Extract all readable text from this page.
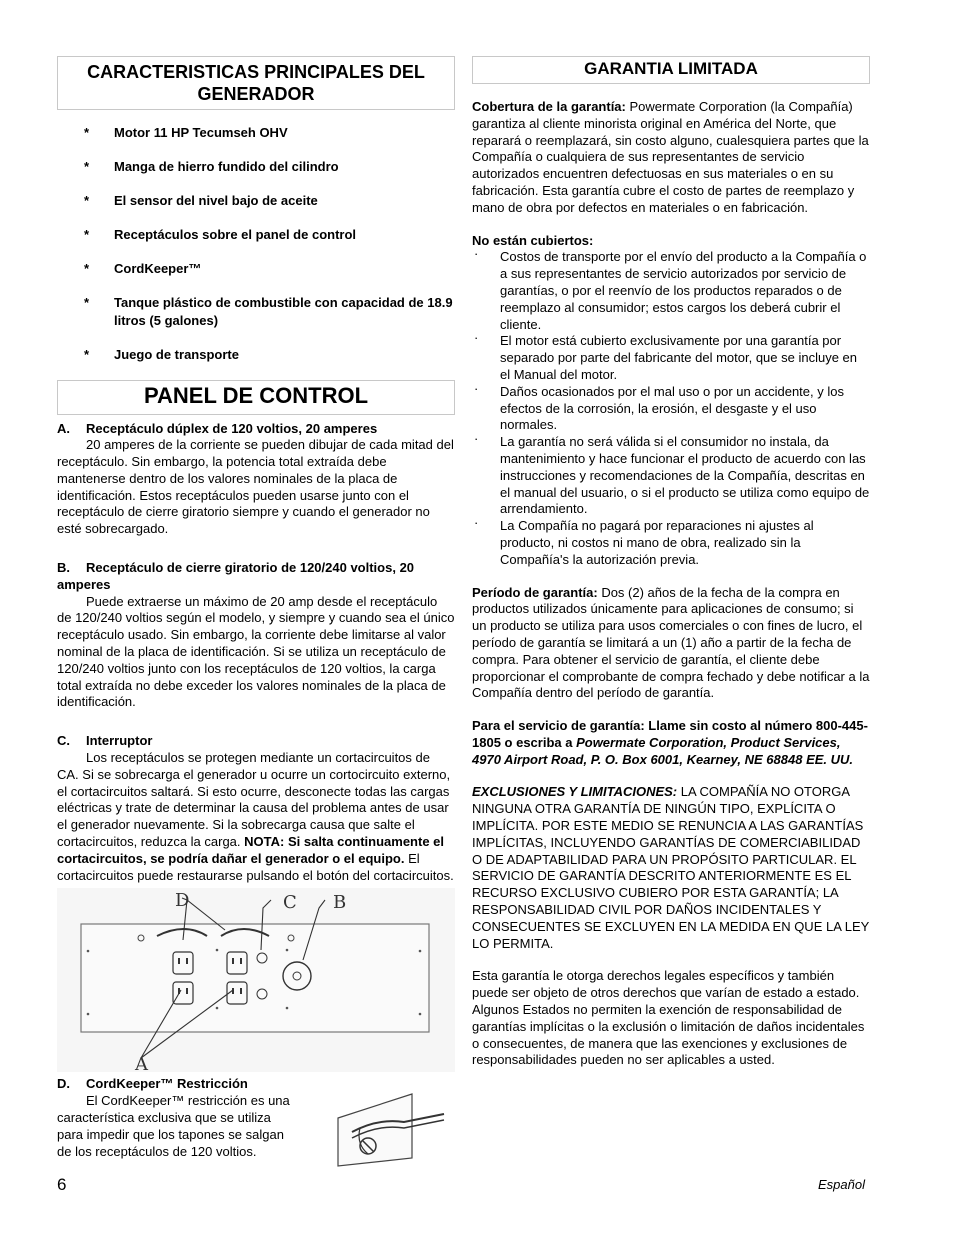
CARACTERISTICAS PRINCIPALES DEL GENERADOR
* Motor 11 HP Tecumseh OHV
* Manga de hierro fundido del cilindro
* El sensor del nivel bajo de aceite
* Receptáculos sobre el panel de control
* CordKeeper™
* Tanque plástico de combustible con capacidad de 18.9 litros (5 galones)
* Juego de transporte
PANEL DE CONTROL
A. Receptáculo dúplex de 120 voltios, 20 amperes

20 amperes de la corriente se pueden dibujar de cada mitad del receptáculo. Sin embargo, la potencia total extraída debe mantenerse dentro de los valores nominales de la placa de identificación. Estos receptáculos pueden usarse junto con el receptáculo de cierre giratorio siempre y cuando el generador no esté sobrecargado.

B. Receptáculo de cierre giratorio de 120/240 voltios, 20 amperes

Puede extraerse un máximo de 20 amp desde el receptáculo de 120/240 voltios según el modelo, y siempre y cuando sea el único receptáculo usado. Sin embargo, la corriente debe limitarse al valor nominal de la placa de identificación. Si se utiliza un receptáculo de 120/240 voltios junto con los receptáculos de 120 voltios, la carga total extraída no debe exceder los valores nominales de la placa de identificación.

C. Interruptor

Los receptáculos se protegen mediante un cortacircuitos de CA. Si se sobrecarga el generador u ocurre un cortocircuito externo, el cortacircuitos saltará. Si esto ocurre, desconecte todas las cargas eléctricas y trate de determinar la causa del problema antes de usar el generador nuevamente. Si la sobrecarga causa que salte el cortacircuitos, reduzca la carga. NOTA: Si salta continuamente el cortacircuitos, se podría dañar el generador o el equipo. El cortacircuitos puede restaurarse pulsando el botón del cortacircuitos.

D	C B
A
D. CordKeeper™ Restricción

El CordKeeper™ restricción es una característica exclusiva que se utiliza para impedir que los tapones se salgan de los receptáculos de 120 voltios.

GARANTIA LIMITADA

Cobertura de la garantía: Powermate Corporation (la Compañía) garantiza al cliente minorista original en América del Norte, que reparará o reemplazará, sin costo alguno, cualesquiera partes que la Compañía o cualquiera de sus representantes de servicio autorizados encuentren defectuosas en sus materiales o en su fabricación. Esta garantía cubre el costo de partes de reemplazo y mano de obra por defectos en materiales o en fabricación.

No están cubiertos:

· Costos de transporte por el envío del producto a la Compañía o a sus representantes de servicio autorizados por servicio de garantías, o por el reenvío de los productos reparados o de reemplazo al consumidor; estos cargos los deberá cubrir el cliente.
· El motor está cubierto exclusivamente por una garantía por separado por parte del fabricante del motor, que se incluye en el Manual del motor.
· Daños ocasionados por el mal uso o por un accidente, y los efectos de la corrosión, la erosión, el desgaste y el uso normales.
· La garantía no será válida si el consumidor no instala, da mantenimiento y hace funcionar el producto de acuerdo con las instrucciones y recomendaciones de la Compañía, descritas en el manual del usuario, o si el producto se utiliza como equipo de arrendamiento.
· La Compañía no pagará por reparaciones ni ajustes al producto, ni costos ni mano de obra, realizado sin la Compañía's la autorización previa.

Período de garantía: Dos (2) años de la fecha de la compra en productos utilizados únicamente para aplicaciones de consumo; si un producto se utiliza para usos comerciales o con fines de lucro, el período de garantía se limitará a un (1) año a partir de la fecha de compra. Para obtener el servicio de garantía, el cliente debe proporcionar el comprobante de compra fechado y debe notificar a la Compañía dentro del período de garantía.

Para el servicio de garantía: Llame sin costo al número 800-445-1805 o escriba a Powermate Corporation, Product Services, 4970 Airport Road, P. O. Box 6001, Kearney, NE 68848 EE. UU.

EXCLUSIONES Y LIMITACIONES: LA COMPAÑÍA NO OTORGA NINGUNA OTRA GARANTÍA DE NINGÚN TIPO, EXPLÍCITA O IMPLÍCITA. POR ESTE MEDIO SE RENUNCIA A LAS GARANTÍAS IMPLÍCITAS, INCLUYENDO GARANTÍAS DE COMERCIABILIDAD O DE ADAPTABILIDAD PARA UN PROPÓSITO PARTICULAR. EL SERVICIO DE GARANTÍA DESCRITO ANTERIORMENTE ES EL RECURSO EXCLUSIVO CUBIERO POR ESTA GARANTÍA; LA RESPONSABILIDAD CIVIL POR DAÑOS INCIDENTALES Y CONSECUENTES SE EXCLUYEN EN LA MEDIDA EN QUE LA LEY LO PERMITA.

Esta garantía le otorga derechos legales específicos y también puede ser objeto de otros derechos que varían de estado a estado. Algunos Estados no permiten la exención de responsabilidad de garantías implícitas o la exclusión o limitación de daños incidentales o consecuentes, de manera que las exenciones y exclusiones de responsabilidades pueden no ser aplicables a usted.

6	Español
